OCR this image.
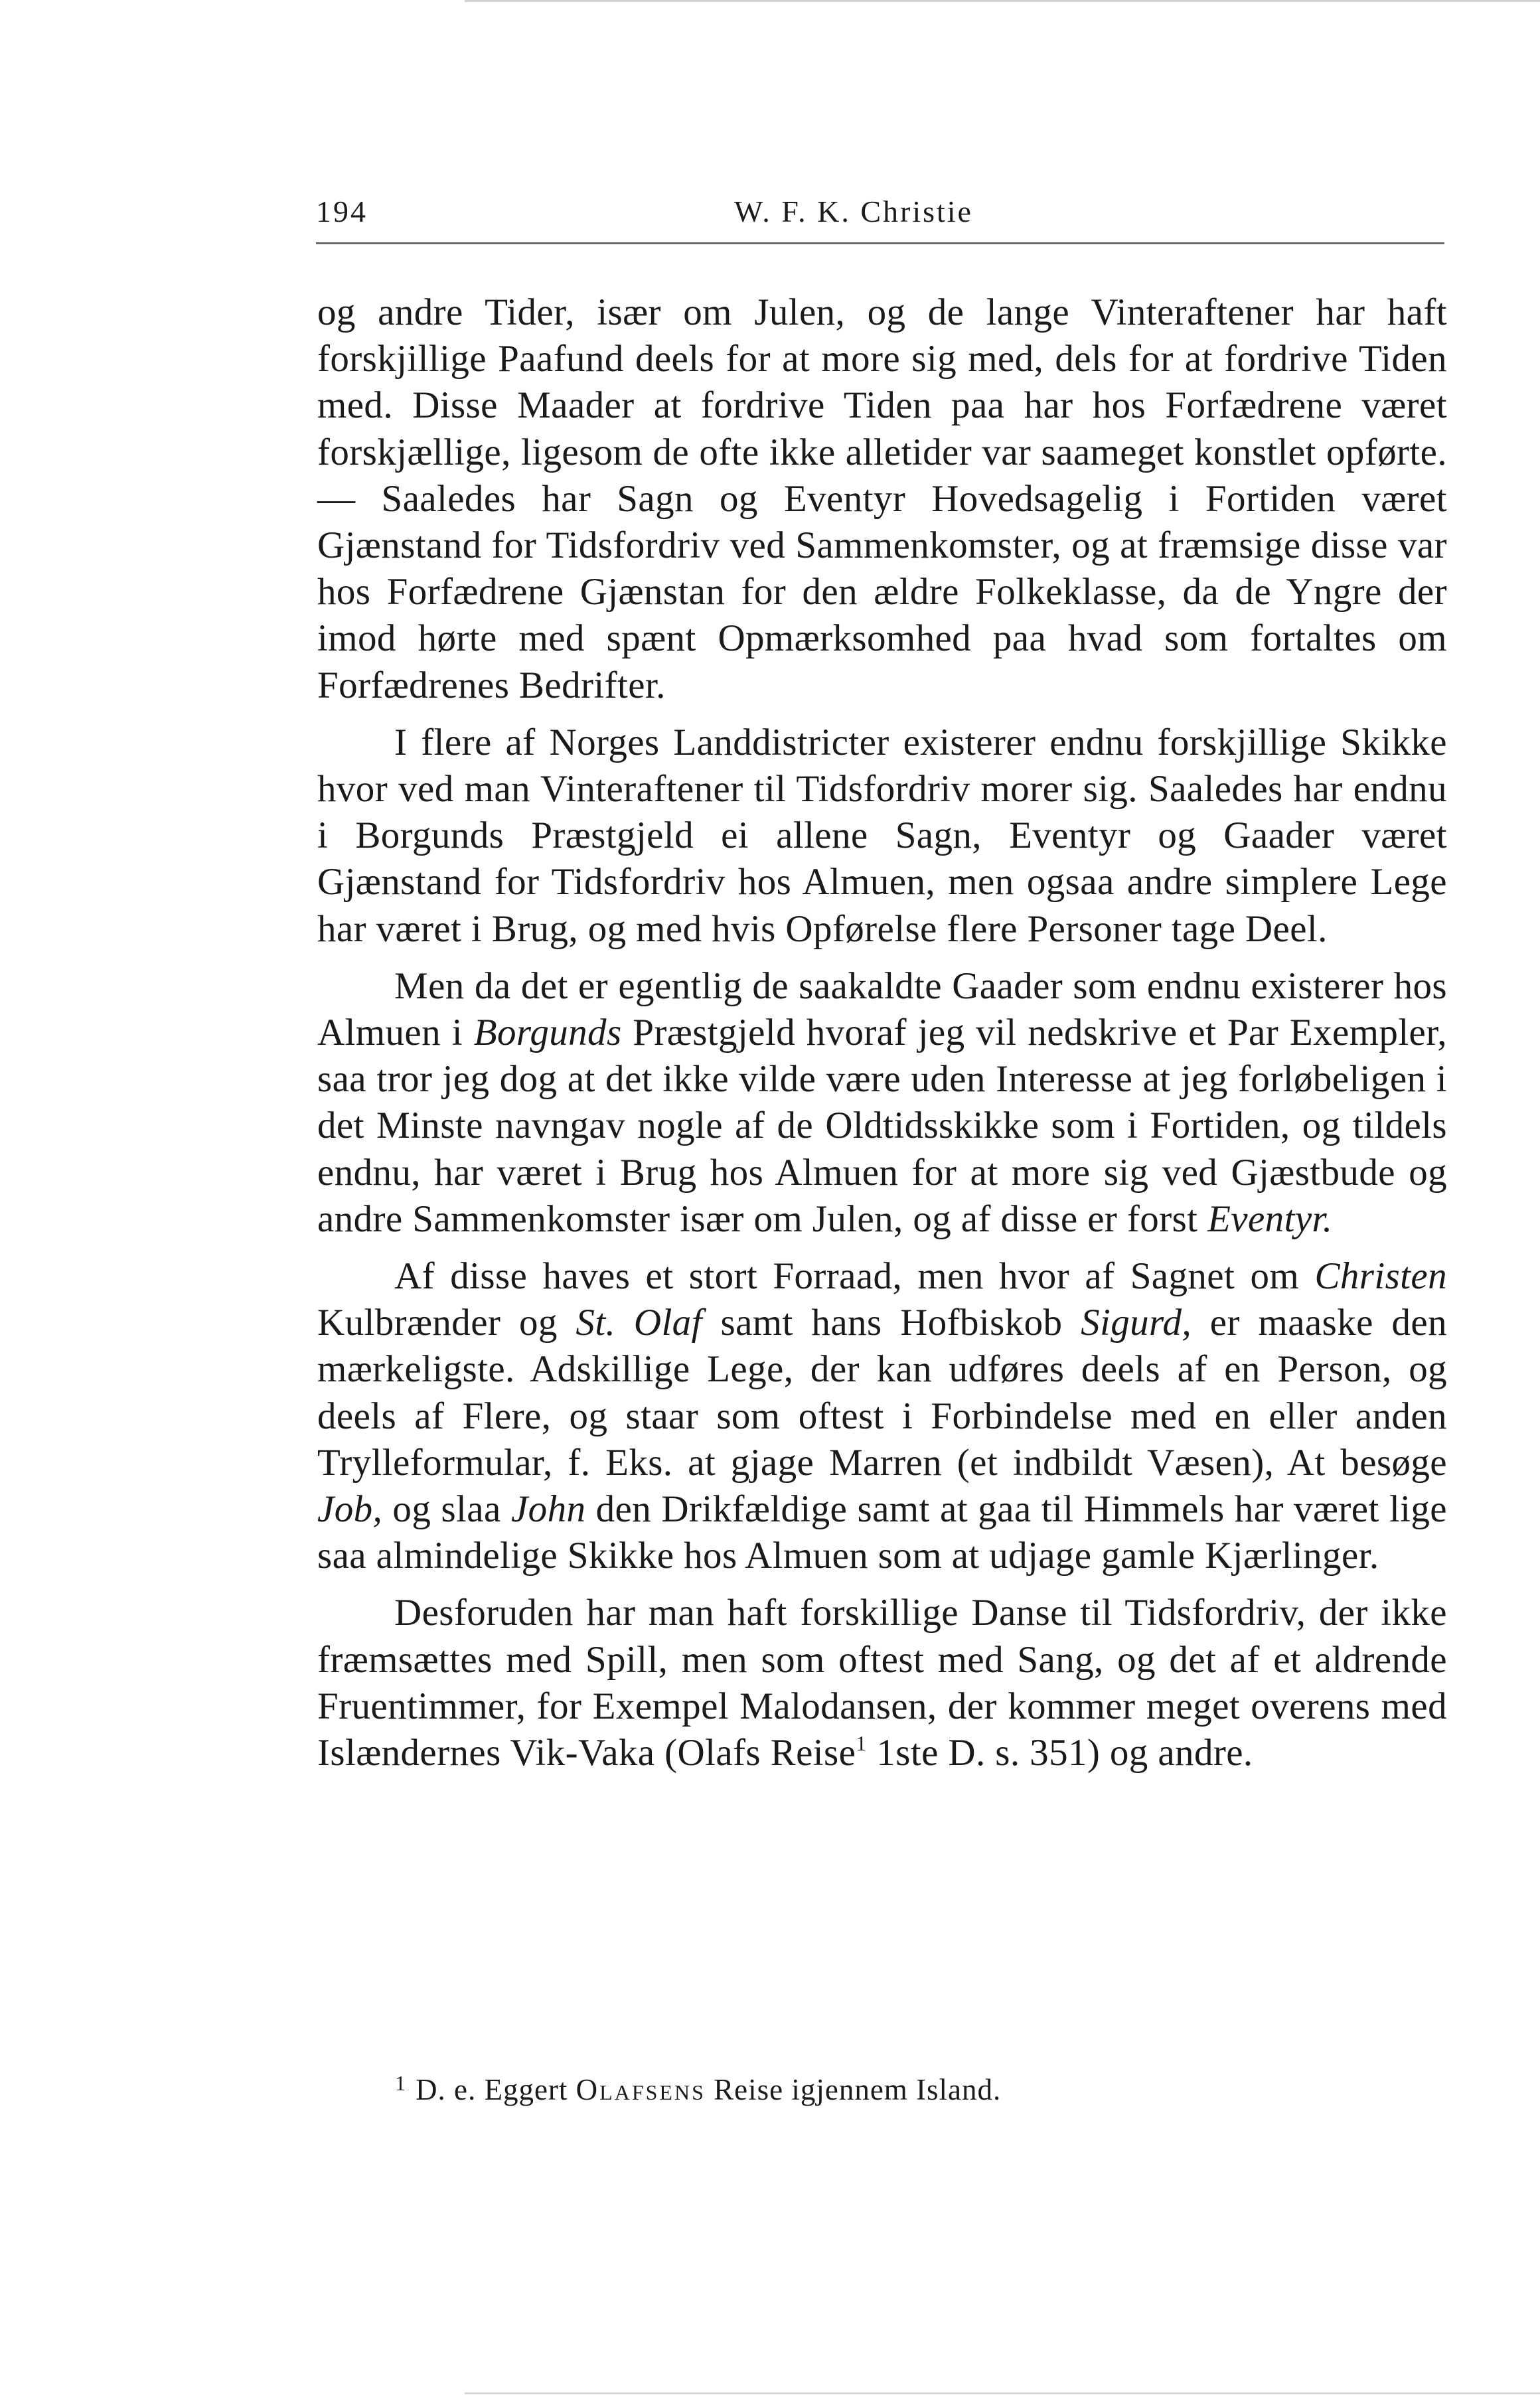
194	W. F. K. Christie

og andre Tider, især om Julen, og de lange Vinteraftener har haft forskjillige Paafund deels for at more sig med, dels for at fordrive Tiden med. Disse Maader at fordrive Tiden paa har hos Forfædrene været forskjællige, ligesom de ofte ikke alletider var saameget konstlet opførte. — Saaledes har Sagn og Eventyr Hovedsagelig i Fortiden været Gjænstand for Tidsfordriv ved Sammenkomster, og at fræmsige disse var hos Forfædrene Gjænstan for den ældre Folkeklasse, da de Yngre der imod hørte med spænt Opmærksomhed paa hvad som fortaltes om Forfædrenes Bedrifter.

I flere af Norges Landdistricter existerer endnu forskjillige Skikke hvor ved man Vinteraftener til Tidsfordriv morer sig. Saaledes har endnu i Borgunds Præstgjeld ei allene Sagn, Eventyr og Gaader været Gjænstand for Tidsfordriv hos Almuen, men ogsaa andre simplere Lege har været i Brug, og med hvis Opførelse flere Personer tage Deel.

Men da det er egentlig de saakaldte Gaader som endnu existerer hos Almuen i Borgunds Præstgjeld hvoraf jeg vil nedskrive et Par Exempler, saa tror jeg dog at det ikke vilde være uden Interesse at jeg forløbeligen i det Minste navngav nogle af de Oldtidsskikke som i Fortiden, og tildels endnu, har været i Brug hos Almuen for at more sig ved Gjæstbude og andre Sammenkomster især om Julen, og af disse er forst Eventyr.

Af disse haves et stort Forraad, men hvor af Sagnet om Christen Kulbrænder og St. Olaf samt hans Hofbiskob Sigurd, er maaske den mærkeligste. Adskillige Lege, der kan udføres deels af en Person, og deels af Flere, og staar som oftest i Forbindelse med en eller anden Trylleformular, f. Eks. at gjage Marren (et indbildt Væsen), At besøge Job, og slaa John den Drikfældige samt at gaa til Himmels har været lige saa almindelige Skikke hos Almuen som at udjage gamle Kjærlinger.

Desforuden har man haft forskillige Danse til Tidsfordriv, der ikke fræmsættes med Spill, men som oftest med Sang, og det af et aldrende Fruentimmer, for Exempel Malodansen, der kommer meget overens med Islændernes Vik-Vaka (Olafs Reise$^1$ 1ste D. s. 351) og andre.

$^1$ D. e. Eggert Olafsens Reise igjennem Island.
